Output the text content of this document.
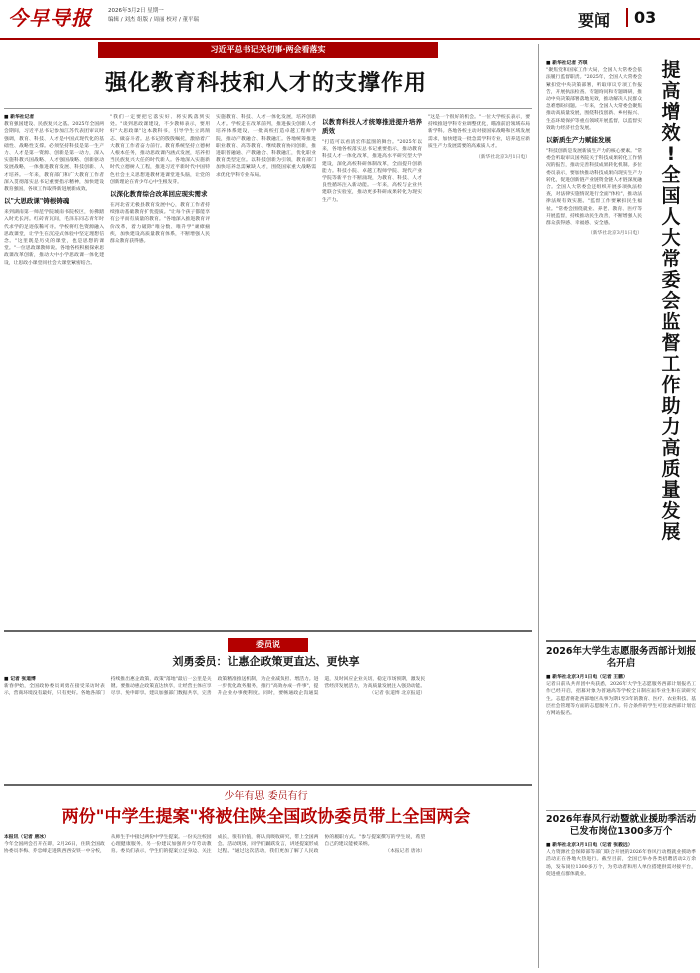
今早导报	2026年3月2日 星期一
编辑 / 刘杰 组版 / 周丽 校对 / 董平瑞	要闻	03
习近平总书记关切事·两会看落实
强化教育科技和人才的支撑作用
■ 新华社记者
教育强国建设、民族复兴之基。2025年全国两会期间，习近平总书记参加江苏代表团审议时强调，教育、科技、人才是中国式现代化的基础性、战略性支撑。必须坚持科技是第一生产力、人才是第一资源、创新是第一动力，深入实施科教兴国战略、人才强国战略、创新驱动发展战略，一体推进教育发展、科技创新、人才培养。一年来，教育部门和广大教育工作者深入贯彻落实总书记重要指示精神，加快建设教育强国，各项工作取得新进展新成效。
以"大思政课"铸根铸魂
来到湖南第一师范学院城南书院校区，仿佛踏入时光长河。红砖青瓦间，毛泽东同志青年时代求学的足迹依稀可寻。学校将红色资源融入思政课堂，让学生在沉浸式体验中坚定理想信念。"这里既是历史的课堂，也是思想的课堂。"一位思政课教师说。各地各校积极探索思政课改革创新，推动大中小学思政课一体化建设，让思政小课堂同社会大课堂紧密结合。
"我们一定要把它落实好、将实践落到实处。"谈到思政课建设，不少教师表示，要用好"大思政课"这本教科书，引导学生立鸿鹄志、做奋斗者。总书记的殷殷嘱托，激励着广大教育工作者奋力前行。教育系统坚持立德树人根本任务，推动思政课内涵式发展，培养担当民族复兴大任的时代新人。各地深入实施新时代立德树人工程，推进习近平新时代中国特色社会主义思想进教材进课堂进头脑，让党的创新理论在青少年心中生根发芽。
以深化教育综合改革回应现实需求
在河北省无极县教育发展中心，教育工作者持续推动基础教育扩优提质。"让每个孩子都能享有公平而有质量的教育。"各地深入推进教育评价改革，着力破除"唯分数、唯升学"顽瘴痼疾，加快建设高质量教育体系，不断增强人民群众教育获得感。
实施教育、科技、人才一体化发展，培养创新人才。学校走在改革前列，推进拔尖创新人才培养体系建设，一批高校打造卓越工程师学院，推动产教融合、科教融汇。各地统筹推进职业教育、高等教育、继续教育协同创新，推进职普融通、产教融合、科教融汇，优化职业教育类型定位。以科技创新为引领，教育部门加快培养急需紧缺人才，围绕国家重大战略需求优化学科专业布局。
以教育科技人才统筹推进提升培养质效
"打造可以看清宏伟蓝图的舞台。"2025年以来，各地各校落实总书记重要指示，推动教育科技人才一体化改革，推进高水平研究型大学建设，深化高校科研体制改革，全面提升创新能力。科技小院、卓越工程师学院、现代产业学院等新平台不断涌现，为教育、科技、人才良性循环注入新动能。一年来，高校与企业共建联合实验室，推动更多科研成果转化为现实生产力。
"这是一个很好的机会。"一位大学校长表示，要持续推进学科专业调整优化，瞄准前沿领域布局新学科。各地各校主动对接国家战略和区域发展需求，加快建设一批急需学科专业，培养适应新质生产力发展需要的高素质人才。
（新华社北京3月1日电）
委员说
刘勇委员：让惠企政策更直达、更快享
■ 记者 张道博
新春伊始，全国政协委员刘勇在接受采访时表示，营商环境没有最好，只有更好。各地各部门持续推出惠企政策，政策"落地"最后一公里是关键。要推动惠企政策直达快享，让经营主体应享尽享、免申即享。建议加强部门数据共享，完善政策精准推送机制，为企业减负担、增活力。进一步优化政务服务，推行"高效办成一件事"，提升企业办事便利度。同时，要畅通政企沟通渠道，及时回应企业关切，稳定市场预期，激发民营经济发展活力，为高质量发展注入强劲动能。
（记者 张道博 北京报道）
少年有思 委员有行
两份"中学生提案"将被住陕全国政协委员带上全国两会
本报讯（记者 唐冰）
今年全国两会召开在即，2月26日，住陕全国政协委员李梅、乔忠峰走进陕西西安铁一中分校，从师生手中接过两份中学生提案。一份关注校园心理健康服务，另一份建议加强青少年劳动教育。委员们表示，学生们的提案立足身边、关注成长，很有价值，将认真吸收研究，带上全国两会。活动现场，同学们踊跃发言，讲述提案形成过程。"通过这次活动，我们更加了解了人民政协的履职方式。"参与提案撰写的学生说，希望自己的建议能被采纳。
（本报记者 唐冰）
■ 新华社记者 齐琪
"聚焦党和国家工作大局，全国人大常委会依法履行监督职责。"2025年，全国人大常委会紧扣党中央决策部署，听取审议专项工作报告，开展执法检查、专题询问和专题调研，推动中央决策部署落地见效，推动解决人民群众急难愁盼问题。一年来，全国人大常委会聚焦推动高质量发展，围绕科技创新、乡村振兴、生态环境保护等重点领域开展监督，以监督实效助力经济社会发展。
以新质生产力赋能发展
"科技创新是发展新质生产力的核心要素。"常委会听取审议国务院关于科技成果转化工作情况的报告，推动完善科技成果转化机制。多位委员表示，要加快推动科技成果向现实生产力转化，促进创新链产业链资金链人才链深度融合。全国人大常委会还组织开展多项执法检查，对法律实施情况进行全面"体检"，推动法律法规有效实施。"监督工作要紧扣民生福祉。"常委会围绕就业、养老、教育、医疗等开展监督，持续推动民生改善，不断增强人民群众获得感、幸福感、安全感。
（新华社北京3月1日电）
提
高
增
效
!
全
国
人
大
常
委
会
监
督
工
作
助
力
高
质
量
发
展
2026年大学生志愿服务西部计划报名开启
■ 新华社北京3月1日电（记者 王鹏）
记者日前从共青团中央获悉，2026年大学生志愿服务西部计划报名工作已经开启，招募对象为普通高等学校全日制应届毕业生和在读研究生。志愿者将赴西部地区从事为期1至3年的教育、医疗、农业科技、基层社会管理等方面的志愿服务工作。符合条件的学生可登录西部计划官方网站报名。
2026年春风行动暨就业援助季活动已发布岗位1300多万个
■ 新华社北京3月1日电（记者 张毅远）
人力资源社会保障部等部门联合开展的2026年春风行动暨就业援助季活动正在各地火热进行。截至目前，全国已举办各类招聘活动2万余场，发布岗位1300多万个，为劳动者和用人单位搭建供需对接平台，促进重点群体就业。
